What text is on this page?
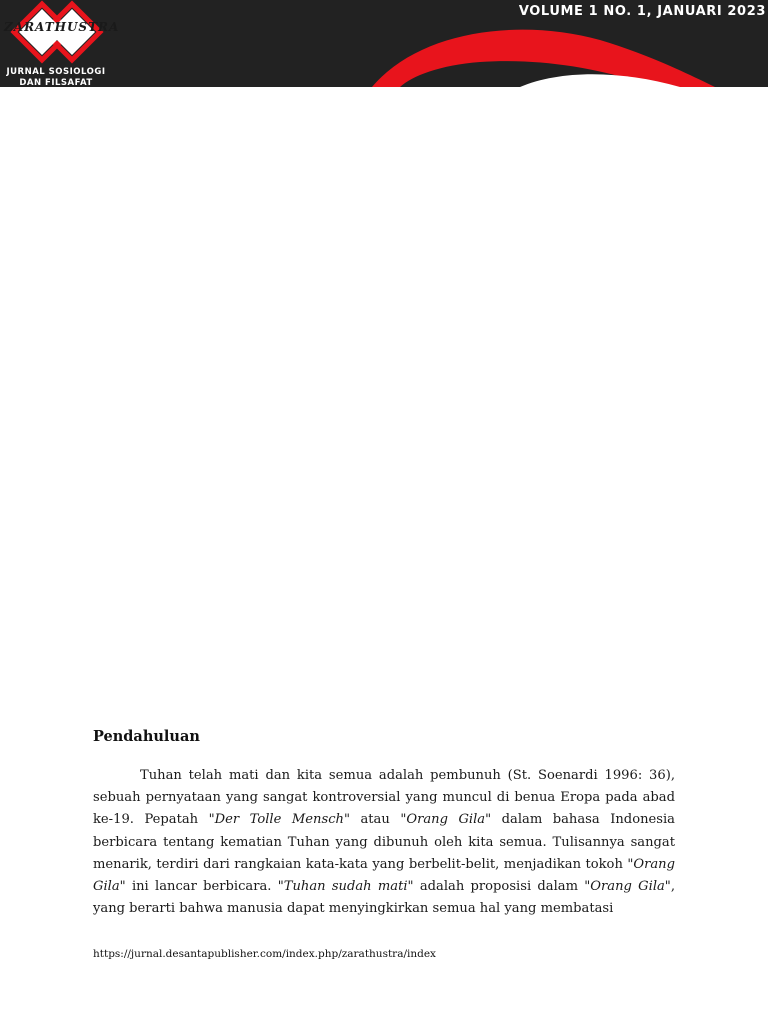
ZARATHUSTRA
JURNAL SOSIOLOGI
DAN FILSAFAT
VOLUME 1 NO. 1, JANUARI 2023
Pendahuluan

Tuhan telah mati dan kita semua adalah pembunuh (St. Soenardi 1996: 36), sebuah pernyataan yang sangat kontroversial yang muncul di benua Eropa pada abad ke-19. Pepatah "Der Tolle Mensch" atau "Orang Gila" dalam bahasa Indonesia berbicara tentang kematian Tuhan yang dibunuh oleh kita semua. Tulisannya sangat menarik, terdiri dari rangkaian kata-kata yang berbelit-belit, menjadikan tokoh "Orang Gila" ini lancar berbicara. "Tuhan sudah mati" adalah proposisi dalam "Orang Gila", yang berarti bahwa manusia dapat menyingkirkan semua hal yang membatasi

https://jurnal.desantapublisher.com/index.php/zarathustra/index
